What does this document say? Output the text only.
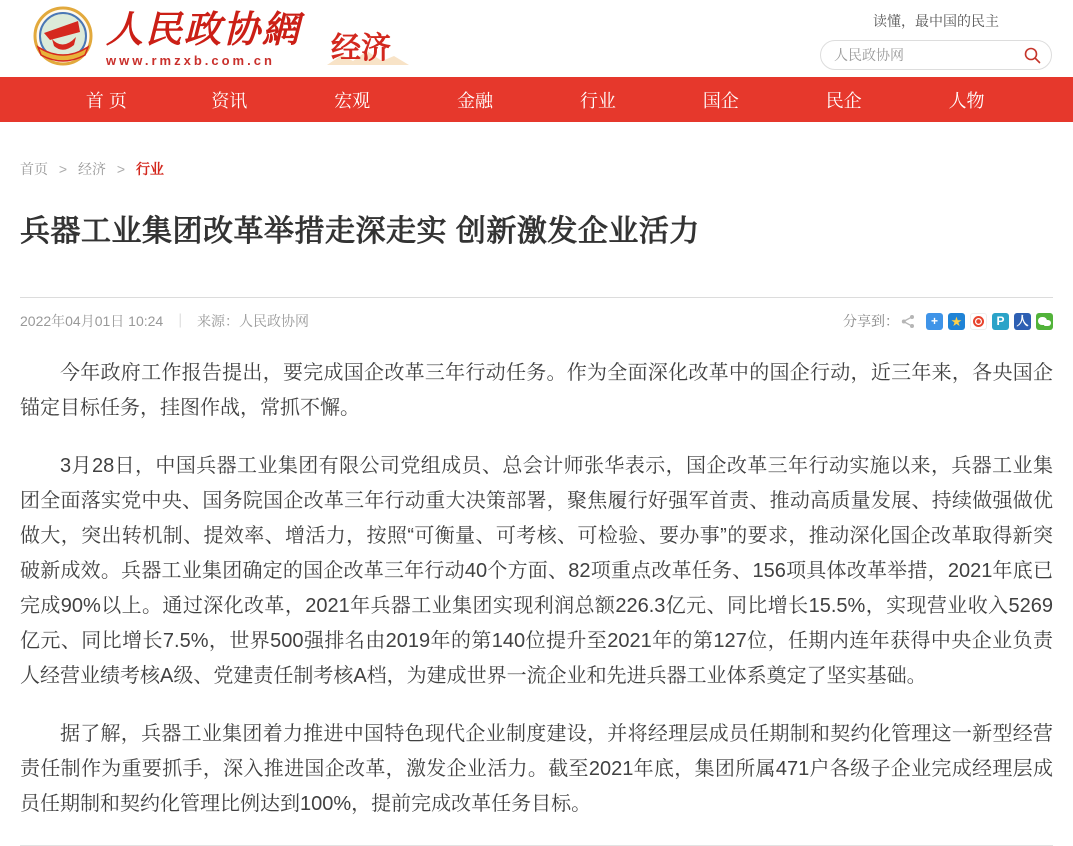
人民政协網
www.rmzxb.com.cn	经济
读懂，最中国的民主
人民政协网
首 页	资讯	宏观	金融	行业	国企	民企	人物
首页 > 经济 > 行业
兵器工业集团改革举措走深走实 创新激发企业活力
2022年04月01日 10:24 ｜ 来源：人民政协网	分享到：	+ ★	P 人

今年政府工作报告提出，要完成国企改革三年行动任务。作为全面深化改革中的国企行动，近三年来，各央国企锚定目标任务，挂图作战，常抓不懈。

3月28日，中国兵器工业集团有限公司党组成员、总会计师张华表示，国企改革三年行动实施以来，兵器工业集团全面落实党中央、国务院国企改革三年行动重大决策部署，聚焦履行好强军首责、推动高质量发展、持续做强做优做大，突出转机制、提效率、增活力，按照“可衡量、可考核、可检验、要办事”的要求，推动深化国企改革取得新突破新成效。兵器工业集团确定的国企改革三年行动40个方面、82项重点改革任务、156项具体改革举措，2021年底已完成90%以上。通过深化改革，2021年兵器工业集团实现利润总额226.3亿元、同比增长15.5%，实现营业收入5269亿元、同比增长7.5%，世界500强排名由2019年的第140位提升至2021年的第127位，任期内连年获得中央企业负责人经营业绩考核A级、党建责任制考核A档，为建成世界一流企业和先进兵器工业体系奠定了坚实基础。

据了解，兵器工业集团着力推进中国特色现代企业制度建设，并将经理层成员任期制和契约化管理这一新型经营责任制作为重要抓手，深入推进国企改革，激发企业活力。截至2021年底，集团所属471户各级子企业完成经理层成员任期制和契约化管理比例达到100%，提前完成改革任务目标。
